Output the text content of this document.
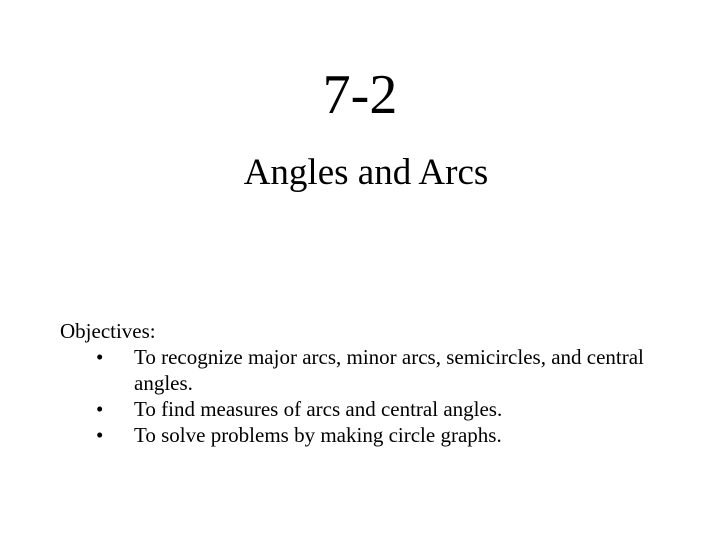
7-2
Angles and Arcs
Objectives:
• To recognize major arcs, minor arcs, semicircles, and central angles.
• To find measures of arcs and central angles.
• To solve problems by making circle graphs.
